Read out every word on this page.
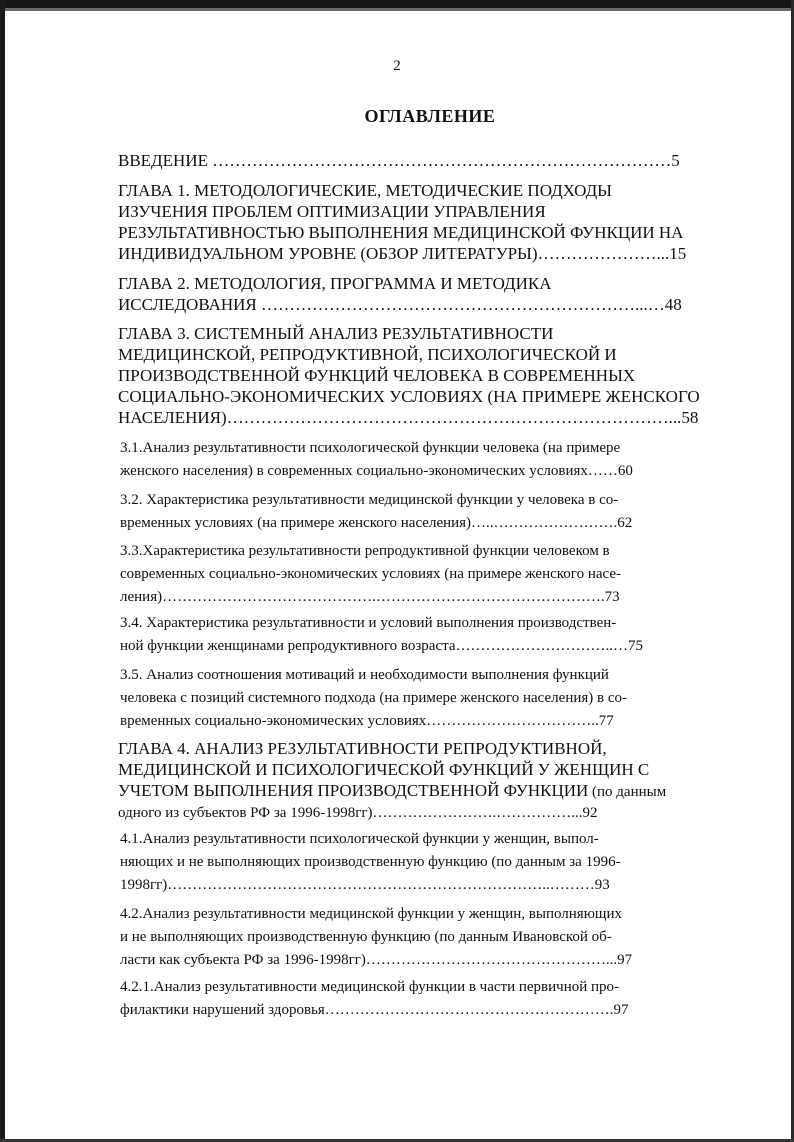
2
ОГЛАВЛЕНИЕ
ВВЕДЕНИЕ ………………………………………………………………………5
ГЛАВА 1. МЕТОДОЛОГИЧЕСКИЕ, МЕТОДИЧЕСКИЕ ПОДХОДЫ
ИЗУЧЕНИЯ ПРОБЛЕМ ОПТИМИЗАЦИИ УПРАВЛЕНИЯ
РЕЗУЛЬТАТИВНОСТЬЮ ВЫПОЛНЕНИЯ МЕДИЦИНСКОЙ ФУНКЦИИ НА
ИНДИВИДУАЛЬНОМ УРОВНЕ (ОБЗОР ЛИТЕРАТУРЫ)…………………...15
ГЛАВА 2. МЕТОДОЛОГИЯ, ПРОГРАММА И МЕТОДИКА
ИССЛЕДОВАНИЯ …………………………………………………………...…48
ГЛАВА 3. СИСТЕМНЫЙ АНАЛИЗ РЕЗУЛЬТАТИВНОСТИ
МЕДИЦИНСКОЙ, РЕПРОДУКТИВНОЙ, ПСИХОЛОГИЧЕСКОЙ И
ПРОИЗВОДСТВЕННОЙ ФУНКЦИЙ ЧЕЛОВЕКА В СОВРЕМЕННЫХ
СОЦИАЛЬНО-ЭКОНОМИЧЕСКИХ УСЛОВИЯХ (НА ПРИМЕРЕ ЖЕНСКОГО
НАСЕЛЕНИЯ)……………………………………………………………………...58
3.1.Анализ результативности психологической функции человека (на примере
женского населения) в современных социально-экономических условиях……60
3.2. Характеристика результативности медицинской функции у человека в со-
временных условиях (на примере женского населения)…..…………………….62
3.3.Характеристика результативности репродуктивной функции человеком в
современных социально-экономических условиях (на примере женского насе-
ления)…………………………………….……………………………………….73
3.4. Характеристика результативности и условий выполнения производствен-
ной функции женщинами репродуктивного возраста…………………………..…75
3.5. Анализ соотношения мотиваций и необходимости выполнения функций
человека с позиций системного подхода (на примере женского населения) в со-
временных социально-экономических условиях……………………………..77
ГЛАВА 4. АНАЛИЗ РЕЗУЛЬТАТИВНОСТИ РЕПРОДУКТИВНОЙ,
МЕДИЦИНСКОЙ И ПСИХОЛОГИЧЕСКОЙ ФУНКЦИЙ У ЖЕНЩИН С
УЧЕТОМ ВЫПОЛНЕНИЯ ПРОИЗВОДСТВЕННОЙ ФУНКЦИИ (по данным
одного из субъектов РФ за 1996-1998гг)…………………….……………...92
4.1.Анализ результативности психологической функции у женщин, выпол-
няющих и не выполняющих производственную функцию (по данным за 1996-
1998гг)…………………………………………………………………..………93
4.2.Анализ результативности медицинской функции у женщин, выполняющих
и не выполняющих производственную функцию (по данным Ивановской об-
ласти как субъекта РФ за 1996-1998гг)…………………………………………...97
4.2.1.Анализ результативности медицинской функции в части первичной про-
филактики нарушений здоровья………………………………………………….97
